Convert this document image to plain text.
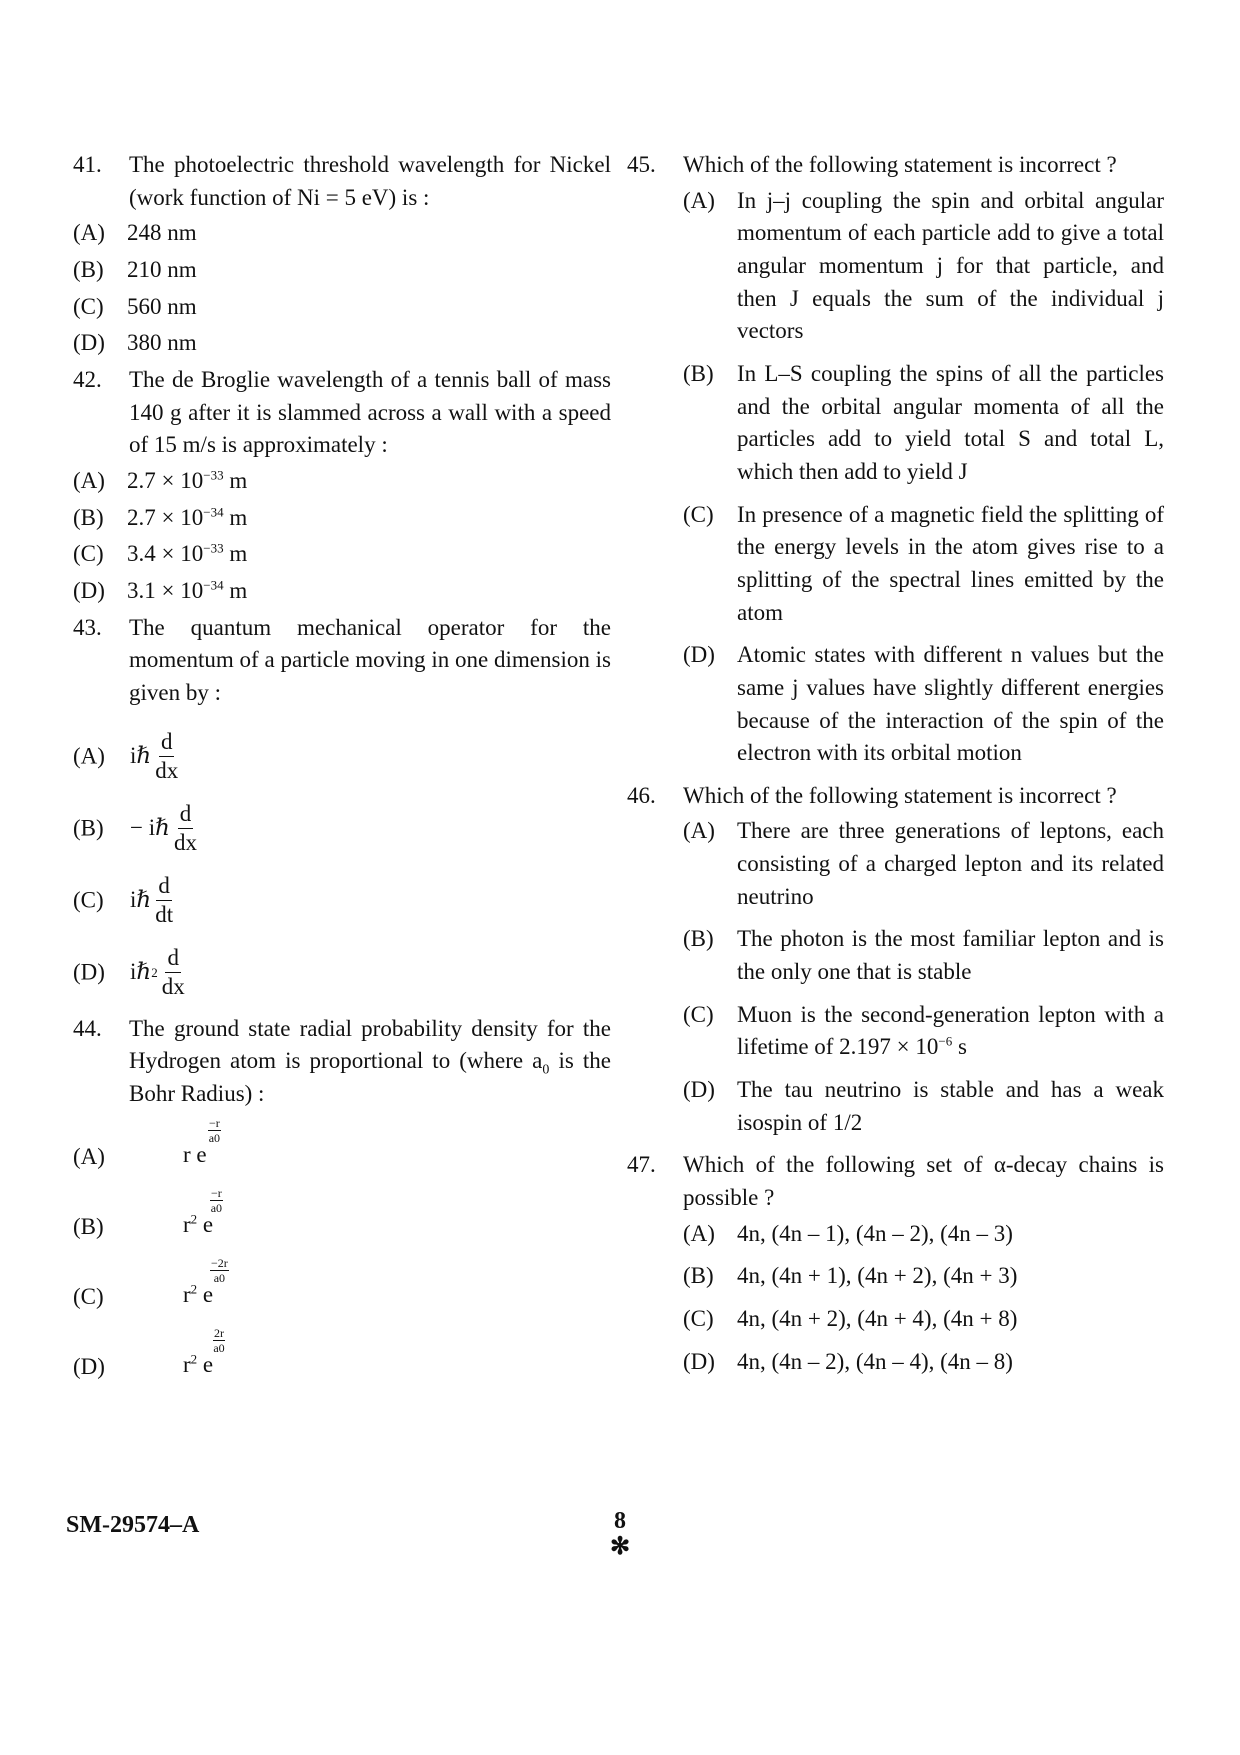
41. The photoelectric threshold wavelength for Nickel (work function of Ni = 5 eV) is :
(A) 248 nm
(B) 210 nm
(C) 560 nm
(D) 380 nm
42. The de Broglie wavelength of a tennis ball of mass 140 g after it is slammed across a wall with a speed of 15 m/s is approximately :
(A) $2.7 \times 10^{-33}$ m
(B) $2.7 \times 10^{-34}$ m
(C) $3.4 \times 10^{-33}$ m
(D) $3.1 \times 10^{-34}$ m
43. The quantum mechanical operator for the momentum of a particle moving in one dimension is given by :
(A) iℏ $\frac{d}{dx}$
(B) − iℏ $\frac{d}{dx}$
(C) iℏ $\frac{d}{dt}$
(D) iℏ $2 \frac{d}{dx}$
44. The ground state radial probability density for the Hydrogen atom is proportional to (where $a_0$ is the Bohr Radius) :
(A)	r e
−r
a0
(B)	$r^2$ e
−r
a0
(C)	$r^2$ e
−2r
a0
(D)	$r^2$ e
2r
a0
45. Which of the following statement is incorrect ?
(A) In j–j coupling the spin and orbital angular momentum of each particle add to give a total angular momentum j for that particle, and then J equals the sum of the individual j vectors
(B) In L–S coupling the spins of all the particles and the orbital angular momenta of all the particles add to yield total S and total L, which then add to yield J
(C) In presence of a magnetic field the splitting of the energy levels in the atom gives rise to a splitting of the spectral lines emitted by the atom
(D) Atomic states with different n values but the same j values have slightly different energies because of the interaction of the spin of the electron with its orbital motion
46. Which of the following statement is incorrect ?
(A) There are three generations of leptons, each consisting of a charged lepton and its related neutrino
(B) The photon is the most familiar lepton and is the only one that is stable
(C) Muon is the second-generation lepton with a lifetime of $2.197 \times 10^{-6}$ s
(D) The tau neutrino is stable and has a weak isospin of 1/2
47. Which of the following set of α-decay chains is possible ?
(A) 4n, (4n – 1), (4n – 2), (4n – 3)
(B) 4n, (4n + 1), (4n + 2), (4n + 3)
(C) 4n, (4n + 2), (4n + 4), (4n + 8)
(D) 4n, (4n – 2), (4n – 4), (4n – 8)
SM-29574–A	8
✻
